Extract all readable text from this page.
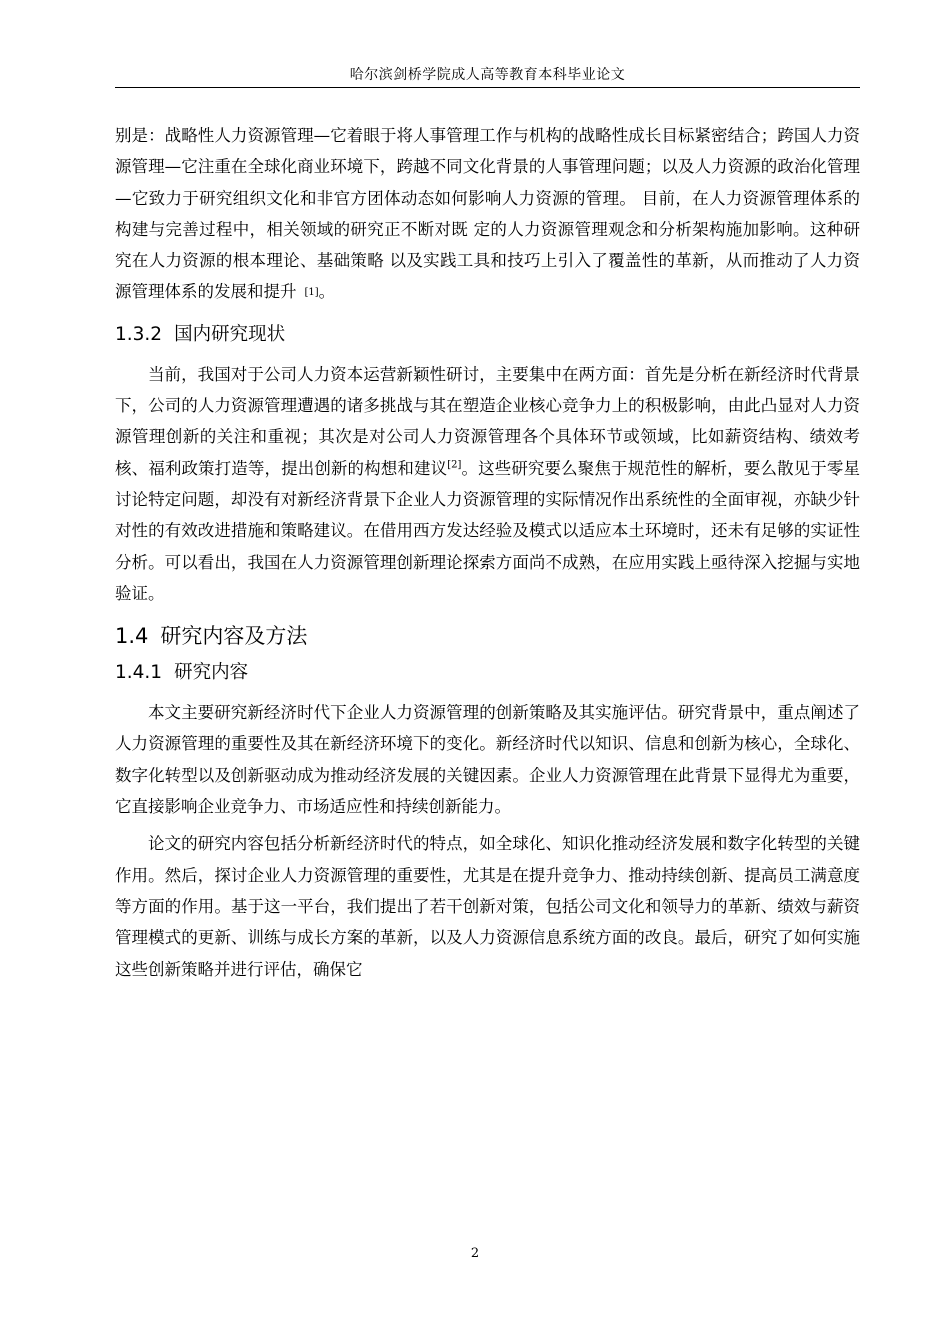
哈尔滨剑桥学院成人高等教育本科毕业论文

别是：战略性人力资源管理—它着眼于将人事管理工作与机构的战略性成长目标紧密结合；跨国人力资源管理—它注重在全球化商业环境下，跨越不同文化背景的人事管理问题；以及人力资源的政治化管理—它致力于研究组织文化和非官方团体动态如何影响人力资源的管理。 目前，在人力资源管理体系的构建与完善过程中，相关领域的研究正不断对既 定的人力资源管理观念和分析架构施加影响。这种研究在人力资源的根本理论、基础策略 以及实践工具和技巧上引入了覆盖性的革新，从而推动了人力资源管理体系的发展和提升 [1]。

1.3.2 国内研究现状

当前，我国对于公司人力资本运营新颖性研讨，主要集中在两方面：首先是分析在新经济时代背景下，公司的人力资源管理遭遇的诸多挑战与其在塑造企业核心竞争力上的积极影响，由此凸显对人力资源管理创新的关注和重视；其次是对公司人力资源管理各个具体环节或领域，比如薪资结构、绩效考核、福利政策打造等，提出创新的构想和建议[2]。这些研究要么聚焦于规范性的解析，要么散见于零星讨论特定问题，却没有对新经济背景下企业人力资源管理的实际情况作出系统性的全面审视，亦缺少针对性的有效改进措施和策略建议。在借用西方发达经验及模式以适应本土环境时，还未有足够的实证性分析。可以看出，我国在人力资源管理创新理论探索方面尚不成熟，在应用实践上亟待深入挖掘与实地验证。

1.4 研究内容及方法
1.4.1 研究内容

本文主要研究新经济时代下企业人力资源管理的创新策略及其实施评估。研究背景中，重点阐述了人力资源管理的重要性及其在新经济环境下的变化。新经济时代以知识、信息和创新为核心，全球化、数字化转型以及创新驱动成为推动经济发展的关键因素。企业人力资源管理在此背景下显得尤为重要，它直接影响企业竞争力、市场适应性和持续创新能力。

论文的研究内容包括分析新经济时代的特点，如全球化、知识化推动经济发展和数字化转型的关键作用。然后，探讨企业人力资源管理的重要性，尤其是在提升竞争力、推动持续创新、提高员工满意度等方面的作用。基于这一平台，我们提出了若干创新对策，包括公司文化和领导力的革新、绩效与薪资管理模式的更新、训练与成长方案的革新，以及人力资源信息系统方面的改良。最后，研究了如何实施这些创新策略并进行评估，确保它

2
